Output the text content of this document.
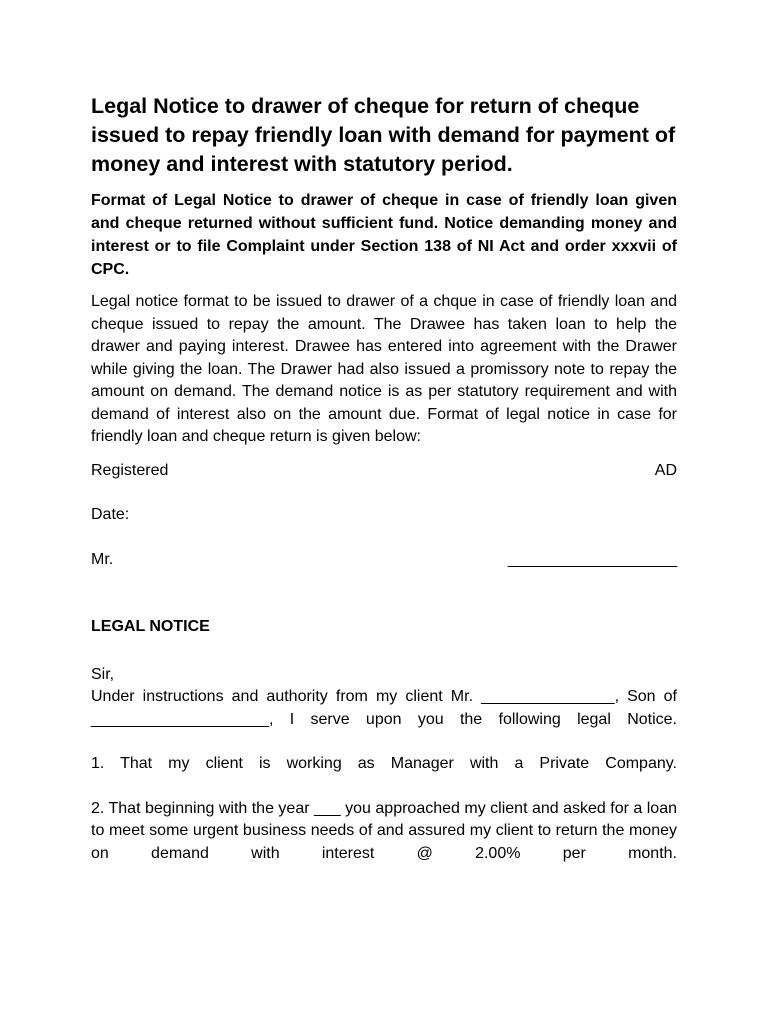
Legal Notice to drawer of cheque for return of cheque issued to repay friendly loan with demand for payment of money and interest with statutory period.

Format of Legal Notice to drawer of cheque in case of friendly loan given and cheque returned without sufficient fund. Notice demanding money and interest or to file Complaint under Section 138 of NI Act and order xxxvii of CPC.

Legal notice format to be issued to drawer of a chque in case of friendly loan and cheque issued to repay the amount. The Drawee has taken loan to help the drawer and paying interest. Drawee has entered into agreement with the Drawer while giving the loan. The Drawer had also issued a promissory note to repay the amount on demand. The demand notice is as per statutory requirement and with demand of interest also on the amount due. Format of legal notice in case for friendly loan and cheque return is given below:

Registered	AD
Date:
Mr.	___________________

LEGAL NOTICE

Sir,

Under instructions and authority from my client Mr. _______________, Son of ____________________, I serve upon you the following legal Notice.

1. That my client is working as Manager with a Private Company.

2. That beginning with the year ___ you approached my client and asked for a loan to meet some urgent business needs of and assured my client to return the money on demand with interest @ 2.00% per month.
